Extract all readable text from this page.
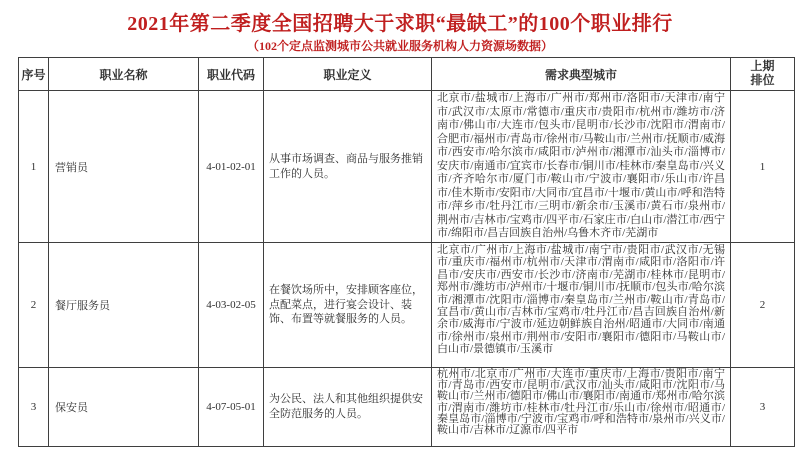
2021年第二季度全国招聘大于求职“最缺工”的100个职业排行
（102个定点监测城市公共就业服务机构人力资源场数据）
序号	职业名称	职业代码	职业定义	需求典型城市	上期排位
1	营销员	4-01-02-01	从事市场调查、商品与服务推销工作的人员。	北京市/盐城市/上海市/广州市/郑州市/洛阳市/天津市/南宁市/武汉市/太原市/常德市/重庆市/贵阳市/杭州市/潍坊市/济南市/佛山市/大连市/包头市/昆明市/长沙市/沈阳市/渭南市/合肥市/福州市/青岛市/徐州市/马鞍山市/兰州市/抚顺市/威海市/西安市/哈尔滨市/咸阳市/泸州市/湘潭市/汕头市/淄博市/安庆市/南通市/宜宾市/长春市/铜川市/桂林市/秦皇岛市/兴义市/齐齐哈尔市/厦门市/鞍山市/宁波市/襄阳市/乐山市/许昌市/佳木斯市/安阳市/大同市/宜昌市/十堰市/黄山市/呼和浩特市/萍乡市/牡丹江市/三明市/新余市/玉溪市/黄石市/泉州市/荆州市/吉林市/宝鸡市/四平市/石家庄市/白山市/潜江市/西宁市/绵阳市/昌吉回族自治州/乌鲁木齐市/芜湖市	1
2	餐厅服务员	4-03-02-05	在餐饮场所中，安排顾客座位，点配菜点，进行宴会设计、装饰、布置等就餐服务的人员。	北京市/广州市/上海市/盐城市/南宁市/贵阳市/武汉市/无锡市/重庆市/福州市/杭州市/天津市/渭南市/咸阳市/洛阳市/许昌市/安庆市/西安市/长沙市/济南市/芜湖市/桂林市/昆明市/郑州市/潍坊市/泸州市/十堰市/铜川市/抚顺市/包头市/哈尔滨市/湘潭市/沈阳市/淄博市/秦皇岛市/兰州市/鞍山市/青岛市/宜昌市/黄山市/吉林市/宝鸡市/牡丹江市/昌吉回族自治州/新余市/威海市/宁波市/延边朝鲜族自治州/昭通市/大同市/南通市/徐州市/泉州市/荆州市/安阳市/襄阳市/德阳市/马鞍山市/白山市/景德镇市/玉溪市	2
3	保安员	4-07-05-01	为公民、法人和其他组织提供安全防范服务的人员。	杭州市/北京市/广州市/大连市/重庆市/上海市/贵阳市/南宁市/青岛市/西安市/昆明市/武汉市/汕头市/咸阳市/沈阳市/马鞍山市/兰州市/德阳市/佛山市/襄阳市/南通市/郑州市/哈尔滨市/渭南市/潍坊市/桂林市/牡丹江市/乐山市/徐州市/昭通市/秦皇岛市/淄博市/宁波市/宝鸡市/呼和浩特市/泉州市/兴义市/鞍山市/吉林市/辽源市/四平市	3
